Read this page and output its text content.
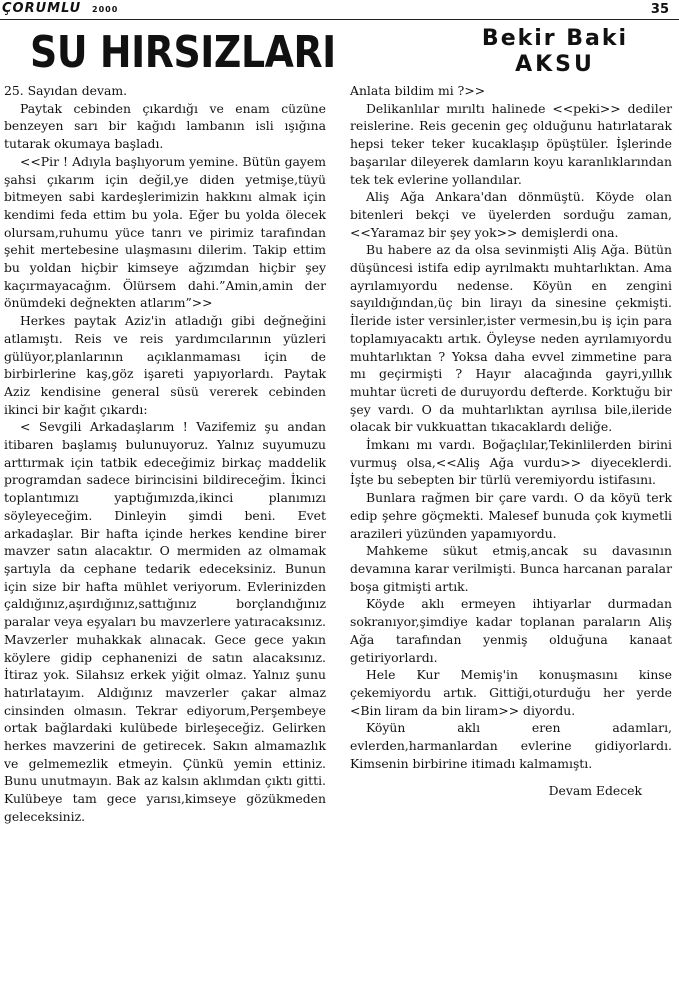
ÇORUMLU 2000	35
SU HIRSIZLARI	Bekir Baki
AKSU

25. Sayıdan devam.

Paytak cebinden çıkardığı ve enam cüzüne benzeyen sarı bir kağıdı lambanın isli ışığına tutarak okumaya başladı.

<<Pir ! Adıyla başlıyorum yemine. Bütün gayem şahsi çıkarım için değil,ye diden yetmişe,tüyü bitmeyen sabi kardeşlerimizin hakkını almak için kendimi feda ettim bu yola. Eğer bu yolda ölecek olursam,ruhumu yüce tanrı ve pirimiz tarafından şehit mertebesine ulaşmasını dilerim. Takip ettim bu yoldan hiçbir kimseye ağzımdan hiçbir şey kaçırmayacağım. Ölürsem dahi.”Amin,amin der önümdeki değnekten atlarım”>>

Herkes paytak Aziz'in atladığı gibi değneğini atlamıştı. Reis ve reis yardımcılarının yüzleri gülüyor,planlarının açıklanmaması için de birbirlerine kaş,göz işareti yapıyorlardı. Paytak Aziz kendisine general süsü vererek cebinden ikinci bir kağıt çıkardı:

< Sevgili Arkadaşlarım ! Vazifemiz şu andan itibaren başlamış bulunuyoruz. Yalnız suyumuzu arttırmak için tatbik edeceğimiz birkaç maddelik programdan sadece birincisini bildireceğim. İkinci toplantımızı yaptığımızda,ikinci planımızı söyleyeceğim. Dinleyin şimdi beni. Evet arkadaşlar. Bir hafta içinde herkes kendine birer mavzer satın alacaktır. O mermiden az olmamak şartıyla da cephane tedarik edeceksiniz. Bunun için size bir hafta mühlet veriyorum. Evlerinizden çaldığınız,aşırdığınız,sattığınız borçlandığınız paralar veya eşyaları bu mavzerlere yatıracaksınız. Mavzerler muhakkak alınacak. Gece gece yakın köylere gidip cephanenizi de satın alacaksınız. İtiraz yok. Silahsız erkek yiğit olmaz. Yalnız şunu hatırlatayım. Aldığınız mavzerler çakar almaz cinsinden olmasın. Tekrar ediyorum,Perşembeye ortak bağlardaki kulübede birleşeceğiz. Gelirken herkes mavzerini de getirecek. Sakın almamazlık ve gelmemezlik etmeyin. Çünkü yemin ettiniz. Bunu unutmayın. Bak az kalsın aklımdan çıktı gitti. Kulübeye tam gece yarısı,kimseye gözükmeden geleceksiniz.

Anlata bildim mi ?>>

Delikanlılar mırıltı halinede <<peki>> dediler reislerine. Reis gecenin geç olduğunu hatırlatarak hepsi teker teker kucaklaşıp öpüştüler. İşlerinde başarılar dileyerek damların koyu karanlıklarından tek tek evlerine yollandılar.

Aliş Ağa Ankara'dan dönmüştü. Köyde olan bitenleri bekçi ve üyelerden sorduğu zaman,<<Yaramaz bir şey yok>> demişlerdi ona.

Bu habere az da olsa sevinmişti Aliş Ağa. Bütün düşüncesi istifa edip ayrılmaktı muhtarlıktan. Ama ayrılamıyordu nedense. Köyün en zengini sayıldığından,üç bin lirayı da sinesine çekmişti. İleride ister versinler,ister vermesin,bu iş için para toplamıyacaktı artık. Öyleyse neden ayrılamıyordu muhtarlıktan ? Yoksa daha evvel zimmetine para mı geçirmişti ? Hayır alacağında gayri,yıllık muhtar ücreti de duruyordu defterde. Korktuğu bir şey vardı. O da muhtarlıktan ayrılısa bile,ileride olacak bir vukkuattan tıkacaklardı deliğe.

İmkanı mı vardı. Boğaçlılar,Tekinlilerden birini vurmuş olsa,<<Aliş Ağa vurdu>> diyeceklerdi. İşte bu sebepten bir türlü veremiyordu istifasını.

Bunlara rağmen bir çare vardı. O da köyü terk edip şehre göçmekti. Malesef bunuda çok kıymetli arazileri yüzünden yapamıyordu.

Mahkeme sükut etmiş,ancak su davasının devamına karar verilmişti. Bunca harcanan paralar boşa gitmişti artık.

Köyde aklı ermeyen ihtiyarlar durmadan sokranıyor,şimdiye kadar toplanan paraların Aliş Ağa tarafından yenmiş olduğuna kanaat getiriyorlardı.

Hele Kur Memiş'in konuşmasını kinse çekemiyordu artık. Gittiği,oturduğu her yerde <Bin liram da bin liram>> diyordu.

Köyün aklı eren adamları, evlerden,harmanlardan evlerine gidiyorlardı. Kimsenin birbirine itimadı kalmamıştı.

Devam Edecek
